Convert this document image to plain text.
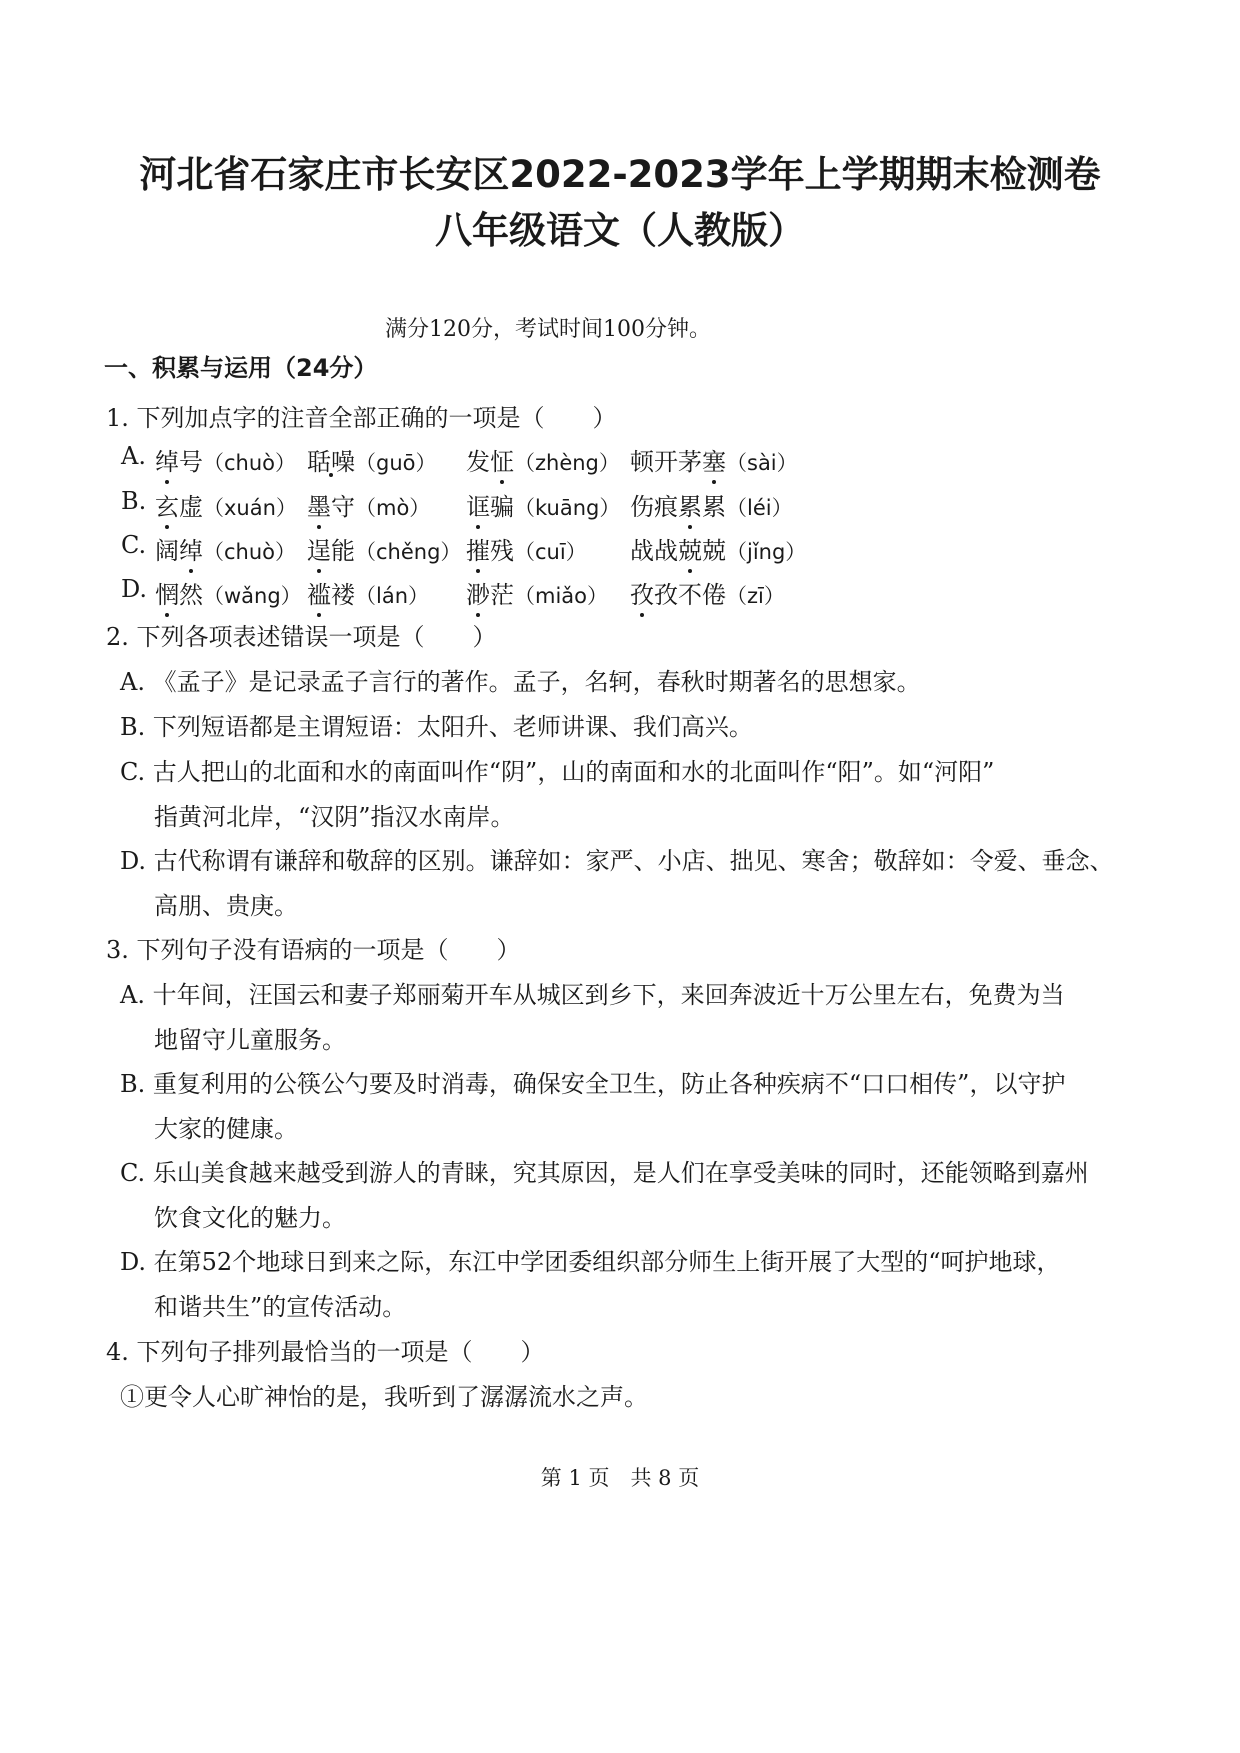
河北省石家庄市长安区2022-2023学年上学期期末检测卷
八年级语文（人教版）
满分120分，考试时间100分钟。
一、积累与运用（24分）
1. 下列加点字的注音全部正确的一项是（　　）
A. 绰号（chuò） 聒噪（guō） 发怔（zhèng） 顿开茅塞（sài）
B. 玄虚（xuán） 墨守（mò） 诓骗（kuāng） 伤痕累累（léi）
C. 阔绰（chuò） 逞能（chěng） 摧残（cuī） 战战兢兢（jǐng）
D. 惘然（wǎng） 褴褛（lán） 渺茫（miǎo） 孜孜不倦（zī）
2. 下列各项表述错误一项是（　　）
A. 《孟子》是记录孟子言行的著作。孟子，名轲，春秋时期著名的思想家。
B. 下列短语都是主谓短语：太阳升、老师讲课、我们高兴。
C. 古人把山的北面和水的南面叫作“阴”，山的南面和水的北面叫作“阳”。如“河阳”
指黄河北岸，“汉阴”指汉水南岸。
D. 古代称谓有谦辞和敬辞的区别。谦辞如：家严、小店、拙见、寒舍；敬辞如：令爱、垂念、
高朋、贵庚。
3. 下列句子没有语病的一项是（　　）
A. 十年间，汪国云和妻子郑丽菊开车从城区到乡下，来回奔波近十万公里左右，免费为当
地留守儿童服务。
B. 重复利用的公筷公勺要及时消毒，确保安全卫生，防止各种疾病不“口口相传”，以守护
大家的健康。
C. 乐山美食越来越受到游人的青睐，究其原因，是人们在享受美味的同时，还能领略到嘉州
饮食文化的魅力。
D. 在第52个地球日到来之际，东江中学团委组织部分师生上街开展了大型的“呵护地球，
和谐共生”的宣传活动。
4. 下列句子排列最恰当的一项是（　　）
①更令人心旷神怡的是，我听到了潺潺流水之声。
第 1 页　共 8 页
